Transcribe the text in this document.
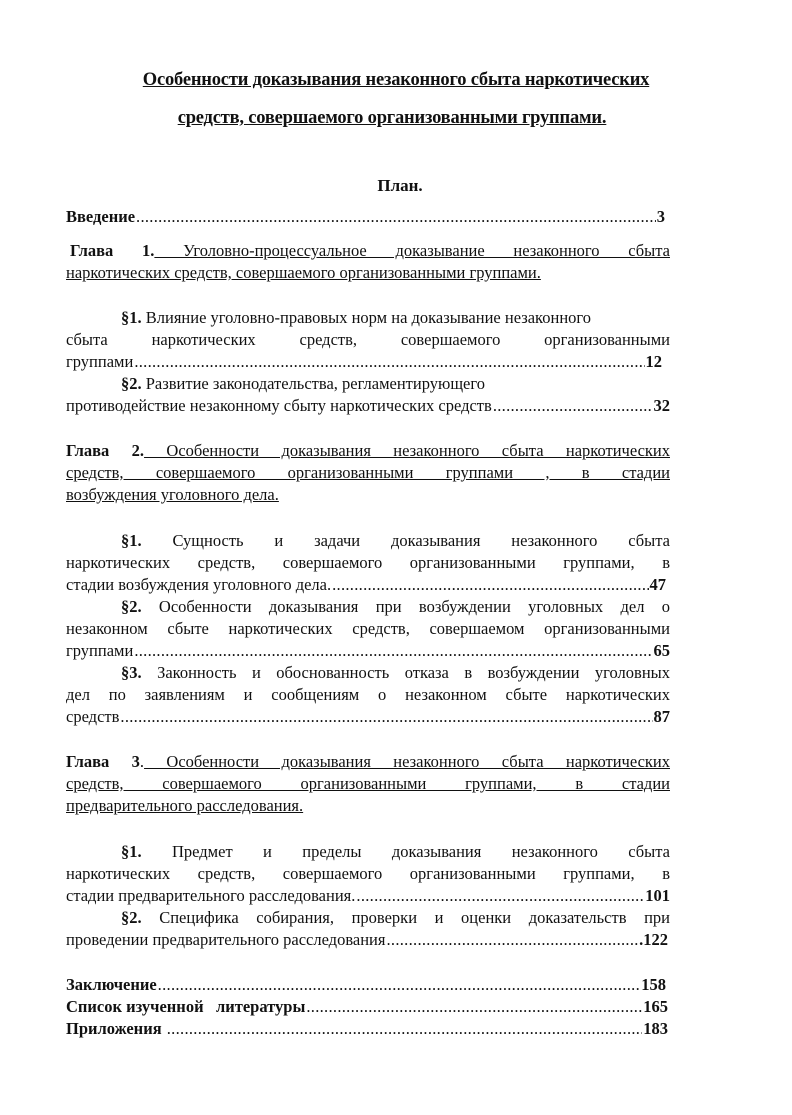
Особенности доказывания незаконного сбыта наркотических
средств, совершаемого организованными группами.
План.
Введение .....	3
Глава 1. Уголовно-процессуальное доказывание незаконного сбыта
наркотических средств, совершаемого организованными группами.
§1. Влияние уголовно-правовых норм на доказывание незаконного
сбыта наркотических средств, совершаемого организованными
группами .....	12
§2. Развитие законодательства, регламентирующего
противодействие незаконному сбыту наркотических средств .....	32
Глава 2. Особенности доказывания незаконного сбыта наркотических
средств, совершаемого организованными группами , в стадии
возбуждения уголовного дела.
§1. Сущность и задачи доказывания незаконного сбыта
наркотических средств, совершаемого организованными группами, в
стадии возбуждения уголовного дела. .....	47
§2. Особенности доказывания при возбуждении уголовных дел о
незаконном сбыте наркотических средств, совершаемом организованными
группами .....	65
§3. Законность и обоснованность отказа в возбуждении уголовных
дел по заявлениям и сообщениям о незаконном сбыте наркотических
средств .....	87
Глава 3. Особенности доказывания незаконного сбыта наркотических
средств, совершаемого организованными группами, в стадии
предварительного расследования.
§1. Предмет и пределы доказывания незаконного сбыта
наркотических средств, совершаемого организованными группами, в
стадии предварительного расследования. .....	101
§2. Специфика собирания, проверки и оценки доказательств при
проведении предварительного расследования .....	.122
Заключение .....	158
Список изученной   литературы .....	165
Приложения .....	183
